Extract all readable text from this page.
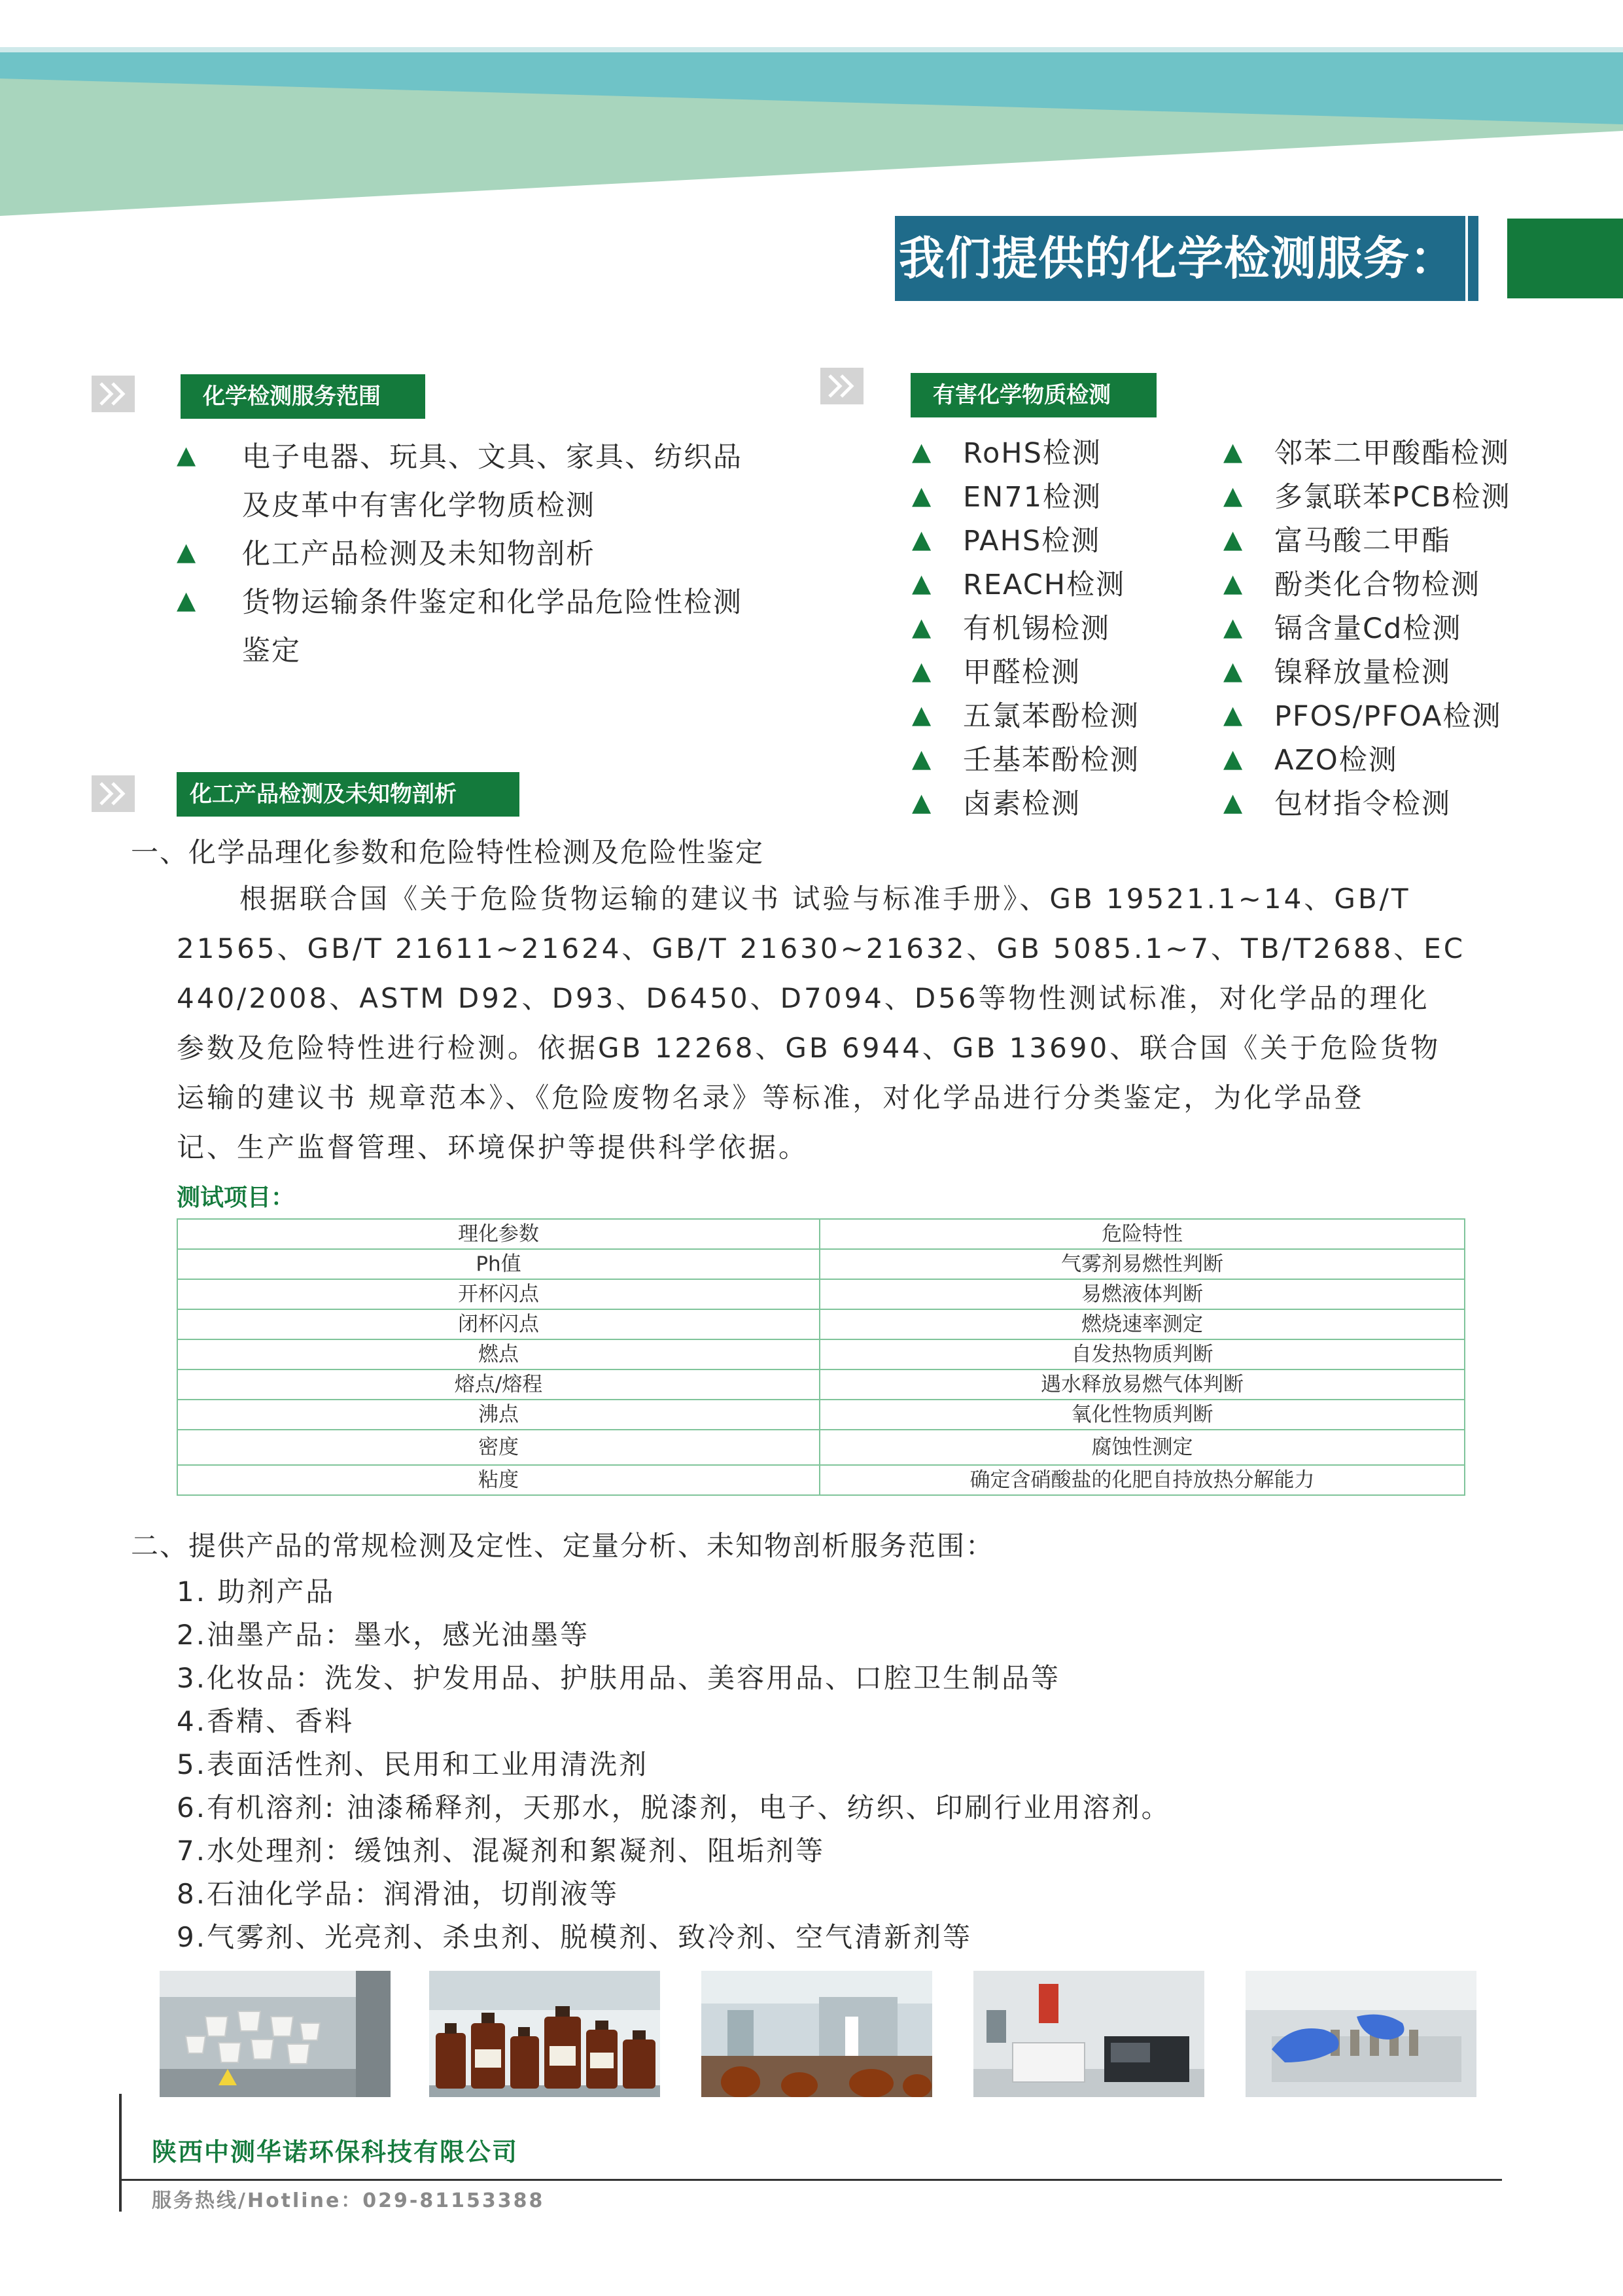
我们提供的化学检测服务：
化学检测服务范围
▲	电子电器、玩具、文具、家具、纺织品
及皮革中有害化学物质检测
▲	化工产品检测及未知物剖析
▲	货物运输条件鉴定和化学品危险性检测
鉴定
有害化学物质检测
▲	RoHS检测
▲	EN71检测
▲	PAHS检测
▲	REACH检测
▲	有机锡检测
▲	甲醛检测
▲	五氯苯酚检测
▲	壬基苯酚检测
▲	卤素检测
▲	邻苯二甲酸酯检测
▲	多氯联苯PCB检测
▲	富马酸二甲酯
▲	酚类化合物检测
▲	镉含量Cd检测
▲	镍释放量检测
▲	PFOS/PFOA检测
▲	AZO检测
▲	包材指令检测
化工产品检测及未知物剖析
一、化学品理化参数和危险特性检测及危险性鉴定
根据联合国《关于危险货物运输的建议书 试验与标准手册》、GB 19521.1~14、GB/T
21565、GB/T 21611~21624、GB/T 21630~21632、GB 5085.1~7、TB/T2688、EC
440/2008、ASTM D92、D93、D6450、D7094、D56等物性测试标准，对化学品的理化
参数及危险特性进行检测。依据GB 12268、GB 6944、GB 13690、联合国《关于危险货物
运输的建议书 规章范本》、《危险废物名录》等标准，对化学品进行分类鉴定，为化学品登
记、生产监督管理、环境保护等提供科学依据。
测试项目：
理化参数	危险特性
Ph值	气雾剂易燃性判断
开杯闪点	易燃液体判断
闭杯闪点	燃烧速率测定
燃点	自发热物质判断
熔点/熔程	遇水释放易燃气体判断
沸点	氧化性物质判断
密度	腐蚀性测定
粘度	确定含硝酸盐的化肥自持放热分解能力
二、提供产品的常规检测及定性、定量分析、未知物剖析服务范围：
1. 助剂产品
2.油墨产品：墨水，感光油墨等
3.化妆品：洗发、护发用品、护肤用品、美容用品、口腔卫生制品等
4.香精、香料
5.表面活性剂、民用和工业用清洗剂
6.有机溶剂: 油漆稀释剂，天那水，脱漆剂，电子、纺织、印刷行业用溶剂。
7.水处理剂：缓蚀剂、混凝剂和絮凝剂、阻垢剂等
8.石油化学品：润滑油，切削液等
9.气雾剂、光亮剂、杀虫剂、脱模剂、致冷剂、空气清新剂等
陕西中测华诺环保科技有限公司
服务热线/Hotline：029-81153388
